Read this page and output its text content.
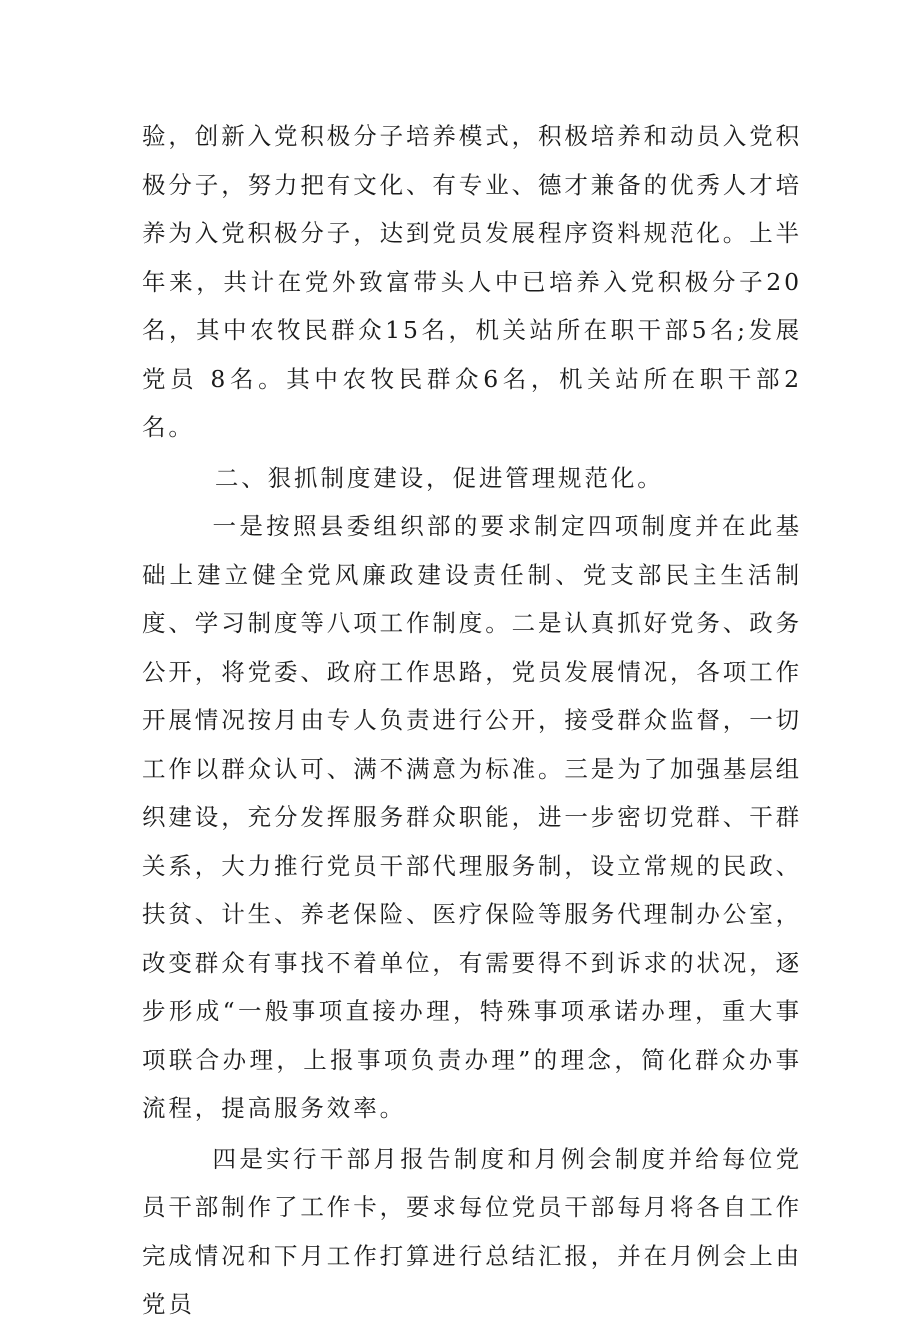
验，创新入党积极分子培养模式，积极培养和动员入党积极分子，努力把有文化、有专业、德才兼备的优秀人才培养为入党积极分子，达到党员发展程序资料规范化。上半年来，共计在党外致富带头人中已培养入党积极分子20名，其中农牧民群众15名，机关站所在职干部5名;发展党员 8名。其中农牧民群众6名，机关站所在职干部2名。

二、狠抓制度建设，促进管理规范化。

一是按照县委组织部的要求制定四项制度并在此基础上建立健全党风廉政建设责任制、党支部民主生活制度、学习制度等八项工作制度。二是认真抓好党务、政务公开，将党委、政府工作思路，党员发展情况，各项工作开展情况按月由专人负责进行公开，接受群众监督，一切工作以群众认可、满不满意为标准。三是为了加强基层组织建设，充分发挥服务群众职能，进一步密切党群、干群关系，大力推行党员干部代理服务制，设立常规的民政、扶贫、计生、养老保险、医疗保险等服务代理制办公室，改变群众有事找不着单位，有需要得不到诉求的状况，逐步形成“一般事项直接办理，特殊事项承诺办理，重大事项联合办理，上报事项负责办理”的理念，简化群众办事流程，提高服务效率。

四是实行干部月报告制度和月例会制度并给每位党员干部制作了工作卡，要求每位党员干部每月将各自工作完成情况和下月工作打算进行总结汇报，并在月例会上由党员
